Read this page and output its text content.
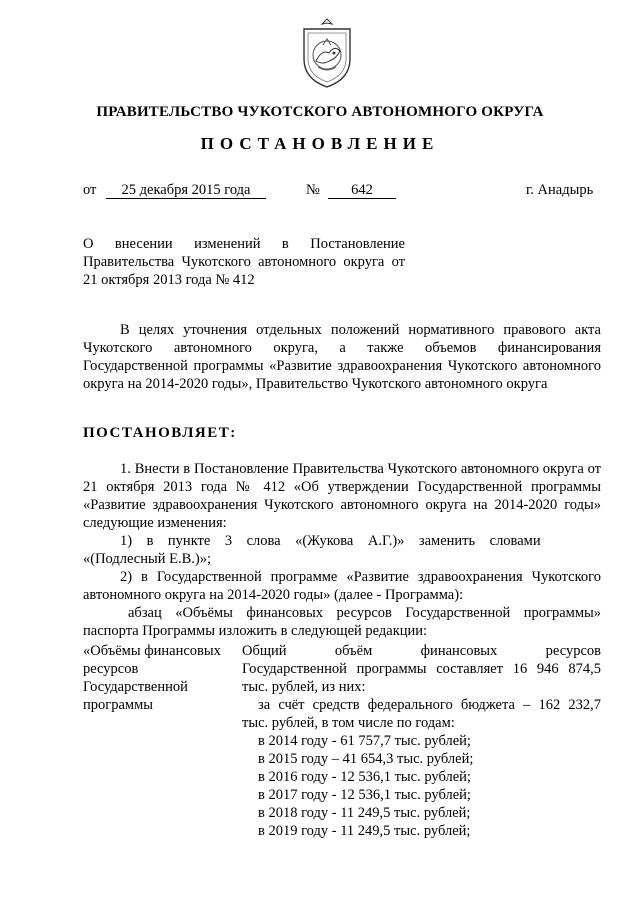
ПРАВИТЕЛЬСТВО ЧУКОТСКОГО АВТОНОМНОГО ОКРУГА
ПОСТАНОВЛЕНИЕ
от	25 декабря 2015 года	№	642	г. Анадырь
О внесении изменений в Постановление Правительства Чукотского автономного округа от 21 октября 2013 года № 412
В целях уточнения отдельных положений нормативного правового акта Чукотского автономного округа, а также объемов финансирования Государственной программы «Развитие здравоохранения Чукотского автономного округа на 2014-2020 годы», Правительство Чукотского автономного округа
ПОСТАНОВЛЯЕТ:
1. Внести в Постановление Правительства Чукотского автономного округа от 21 октября 2013 года № 412 «Об утверждении Государственной программы «Развитие здравоохранения Чукотского автономного округа на 2014-2020 годы» следующие изменения:
1)    в    пункте    3    слова    «(Жукова    А.Г.)»    заменить    словами
«(Подлесный Е.В.)»;
2) в Государственной программе «Развитие здравоохранения Чукотского автономного округа на 2014-2020 годы» (далее - Программа):
абзац «Объёмы финансовых ресурсов Государственной программы» паспорта Программы изложить в следующей редакции:
«Объёмы финансовых ресурсов Государственной программы
Общий объём финансовых ресурсов
Государственной программы составляет 16 946 874,5
тыс. рублей, из них:
за счёт средств федерального бюджета – 162 232,7
тыс. рублей, в том числе по годам:
в 2014 году - 61 757,7 тыс. рублей;
в 2015 году – 41 654,3 тыс. рублей;
в 2016 году - 12 536,1 тыс. рублей;
в 2017 году - 12 536,1 тыс. рублей;
в 2018 году - 11 249,5 тыс. рублей;
в 2019 году - 11 249,5 тыс. рублей;
